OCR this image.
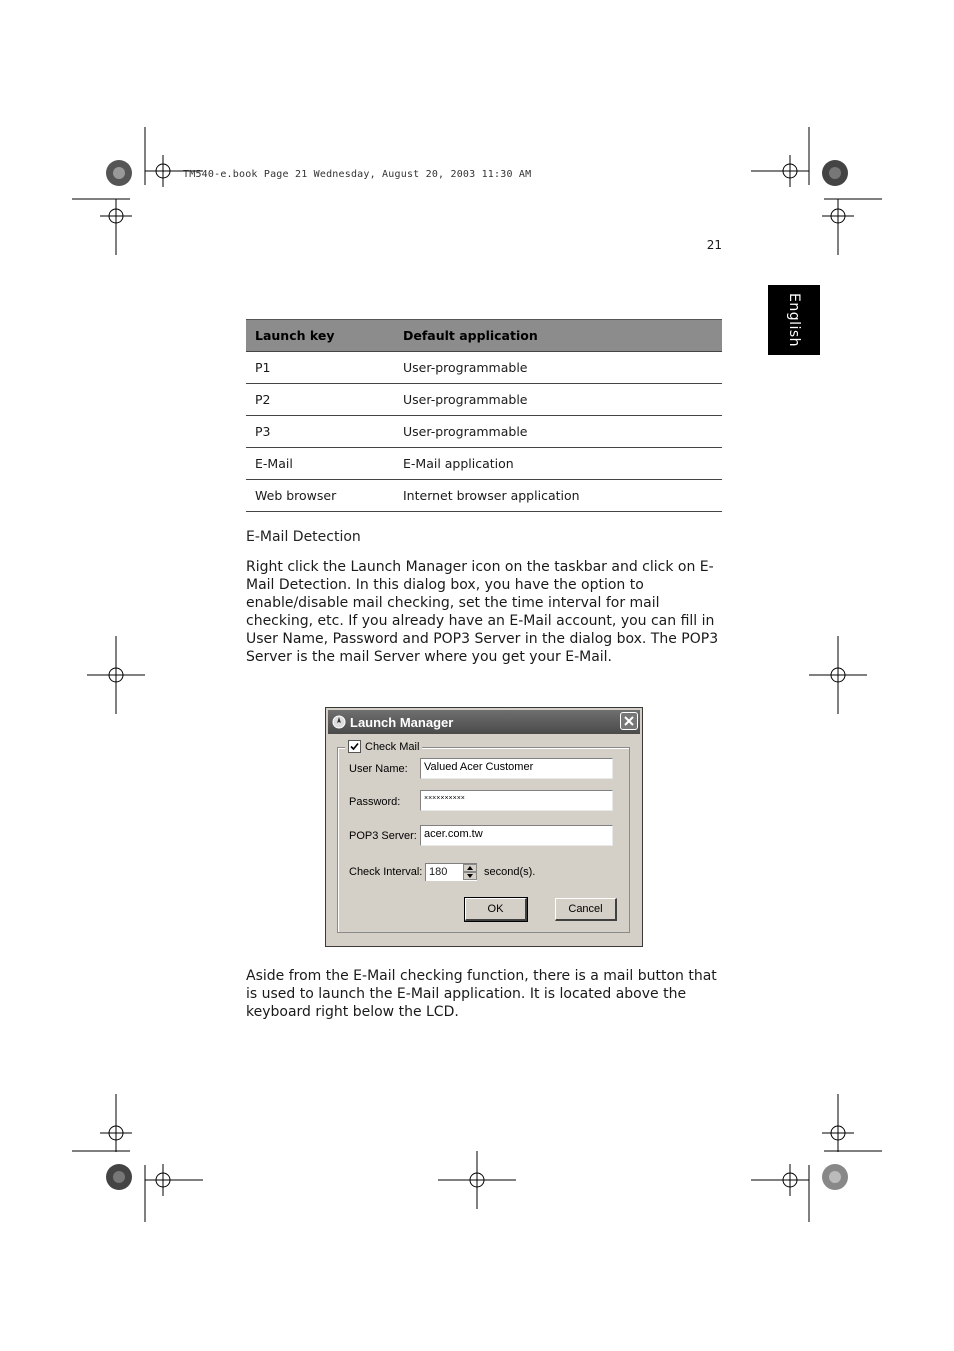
TM540-e.book Page 21 Wednesday, August 20, 2003 11:30 AM
21
English
Launch key	Default application
P1	User-programmable
P2	User-programmable
P3	User-programmable
E-Mail	E-Mail application
Web browser	Internet browser application
E-Mail Detection
Right click the Launch Manager icon on the taskbar and click on E-Mail Detection. In this dialog box, you have the option to enable/disable mail checking, set the time interval for mail checking, etc. If you already have an E-Mail account, you can fill in User Name, Password and POP3 Server in the dialog box. The POP3 Server is the mail Server where you get your E-Mail.
Launch Manager
Check Mail
User Name:	Valued Acer Customer
Password:	××××××××××
POP3 Server: acer.com.tw
Check Interval: 180	second(s).
OK	Cancel
Aside from the E-Mail checking function, there is a mail button that is used to launch the E-Mail application. It is located above the keyboard right below the LCD.
